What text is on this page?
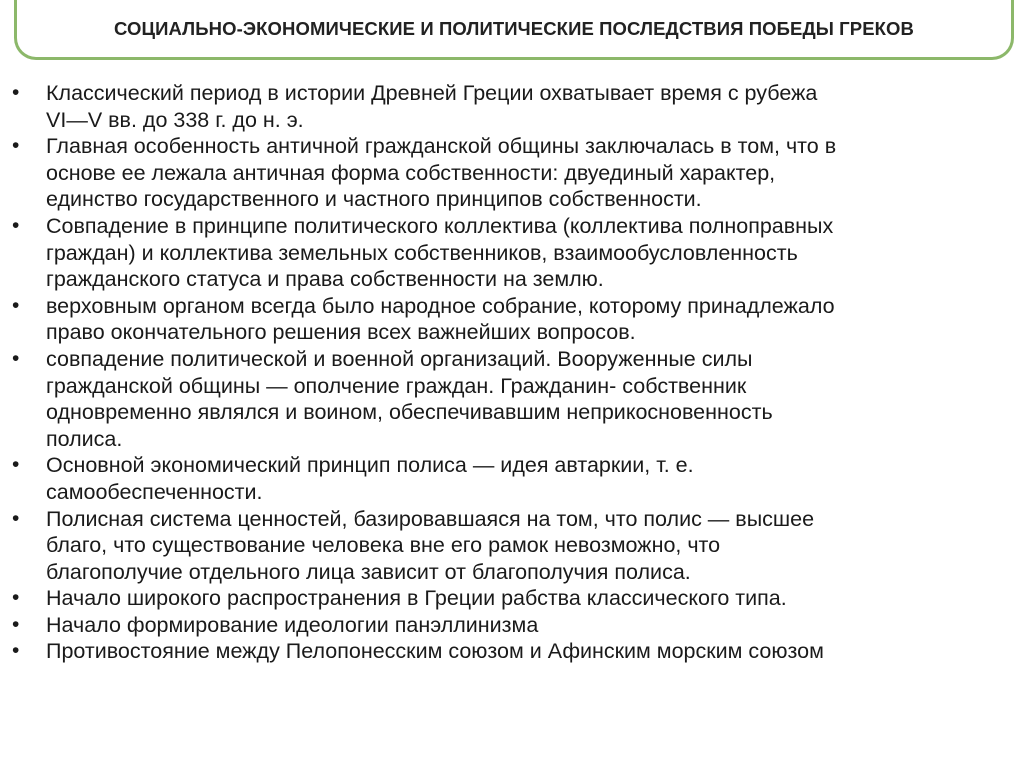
СОЦИАЛЬНО-ЭКОНОМИЧЕСКИЕ И ПОЛИТИЧЕСКИЕ ПОСЛЕДСТВИЯ ПОБЕДЫ ГРЕКОВ
•	Классический период в истории Древней Греции охватывает время с рубежа
VI—V вв. до 338 г. до н. э.
•	Главная особенность античной гражданской общины заключалась в том, что в
основе ее лежала античная форма собственности: двуединый характер,
единство государственного и частного принципов собственности.
•	Совпадение в принципе политического коллектива (коллектива полноправных
граждан) и коллектива земельных собственников, взаимообусловленность
гражданского статуса и права собственности на землю.
•	верховным органом всегда было народное собрание, которому принадлежало
право окончательного решения всех важнейших вопросов.
•	совпадение политической и военной организаций. Вооруженные силы
гражданской общины — ополчение граждан. Гражданин- собственник
одновременно являлся и воином, обеспечивавшим неприкосновенность
полиса.
•	Основной экономический принцип полиса — идея автаркии, т. е.
самообеспеченности.
•	Полисная система ценностей, базировавшаяся на том, что полис — высшее
благо, что существование человека вне его рамок невозможно, что
благополучие отдельного лица зависит от благополучия полиса.
•	Начало широкого распространения в Греции рабства классического типа.
•	Начало формирование идеологии панэллинизма
•	Противостояние между Пелопонесским союзом и Афинским морским союзом
